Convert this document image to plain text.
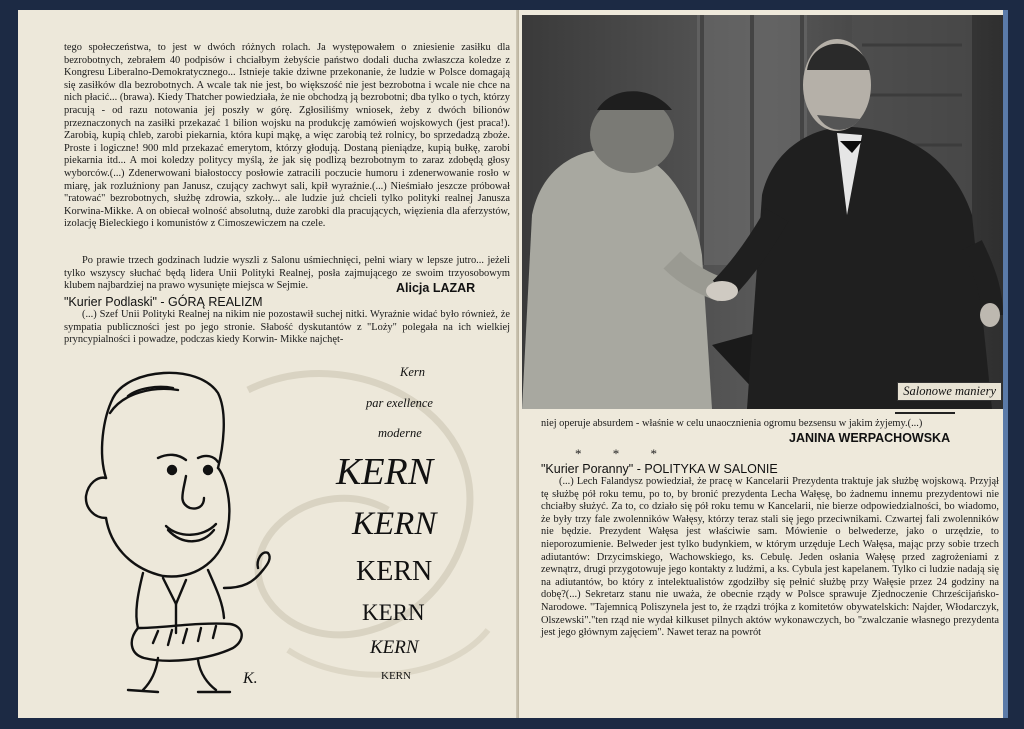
tego społeczeństwa, to jest w dwóch różnych rolach. Ja występowałem o zniesienie zasiłku dla bezrobotnych, zebrałem 40 podpisów i chciałbym żebyście państwo dodali ducha zwłaszcza koledze z Kongresu Liberalno-Demokratycznego... Istnieje takie dziwne przekonanie, że ludzie w Polsce domagają się zasiłków dla bezrobotnych. A wcale tak nie jest, bo większość nie jest bezrobotna i wcale nie chce na nich płacić... (brawa). Kiedy Thatcher powiedziała, że nie obchodzą ją bezrobotni; dba tylko o tych, którzy pracują - od razu notowania jej poszły w górę. Zgłosiliśmy wniosek, żeby z dwóch bilionów przeznaczonych na zasiłki przekazać 1 bilion wojsku na produkcję zamówień wojskowych (jest praca!). Zarobią, kupią chleb, zarobi piekarnia, która kupi mąkę, a więc zarobią też rolnicy, bo sprzedadzą zboże. Proste i logiczne! 900 mld przekazać emerytom, którzy głodują. Dostaną pieniądze, kupią bułkę, zarobi piekarnia itd... A moi koledzy politycy myślą, że jak się podlizą bezrobotnym to zaraz zdobędą głosy wyborców.(...) Zdenerwowani białostoccy posłowie zatracili poczucie humoru i zdenerwowanie rosło w miarę, jak rozluźniony pan Janusz, czujący zachwyt sali, kpił wyraźnie.(...) Nieśmiało jeszcze próbował "ratować" bezrobotnych, służbę zdrowia, szkoły... ale ludzie już chcieli tylko polityki realnej Janusza Korwina-Mikke. A on obiecał wolność absolutną, duże zarobki dla pracujących, więzienia dla aferzystów, izolację Bieleckiego i komunistów z Cimoszewiczem na czele.

Po prawie trzech godzinach ludzie wyszli z Salonu uśmiechnięci, pełni wiary w lepsze jutro... jeżeli tylko wszyscy słuchać będą lidera Unii Polityki Realnej, posła zajmującego ze swoim trzyosobowym klubem najbardziej na prawo wysunięte miejsca w Sejmie.	Alicja LAZAR
"Kurier Podlaski" - GÓRĄ REALIZM

(...) Szef Unii Polityki Realnej na nikim nie pozostawił suchej nitki. Wyraźnie widać było również, że sympatia publiczności jest po jego stronie. Słabość dyskutantów z "Loży" polegała na ich wielkiej pryncypialności i powadze, podczas kiedy Korwin- Mikke najchęt-

K.
Kern
par exellence
moderne
KERN
KERN
KERN
KERN
KERN
KERN
Salonowe maniery

niej operuje absurdem - właśnie w celu unaocznienia ogromu bezsensu w jakim żyjemy.(...)

JANINA WERPACHOWSKA
* * *
"Kurier Poranny" - POLITYKA W SALONIE

(...) Lech Falandysz powiedział, że pracę w Kancelarii Prezydenta traktuje jak służbę wojskową. Przyjął tę służbę pół roku temu, po to, by bronić prezydenta Lecha Wałęsę, bo żadnemu innemu prezydentowi nie chciałby służyć. Za to, co działo się pół roku temu w Kancelarii, nie bierze odpowiedzialności, bo wiadomo, że były trzy fale zwolenników Wałęsy, którzy teraz stali się jego przeciwnikami. Czwartej fali zwolenników nie będzie. Prezydent Wałęsa jest właściwie sam. Mówienie o belwederze, jako o urzędzie, to nieporozumienie. Belweder jest tylko budynkiem, w którym urzęduje Lech Wałęsa, mając przy sobie trzech adiutantów: Drzycimskiego, Wachowskiego, ks. Cebulę. Jeden osłania Wałęsę przed zagrożeniami z zewnątrz, drugi przygotowuje jego kontakty z ludźmi, a ks. Cybula jest kapelanem. Tylko ci ludzie nadają się na adiutantów, bo który z intelektualistów zgodziłby się pełnić służbę przy Wałęsie przez 24 godziny na dobę?(...) Sekretarz stanu nie uważa, że obecnie rządy w Polsce sprawuje Zjednoczenie Chrześcijańsko-Narodowe. "Tajemnicą Poliszynela jest to, że rządzi trójka z komitetów obywatelskich: Najder, Włodarczyk, Olszewski"."ten rząd nie wydał kilkuset pilnych aktów wykonawczych, bo "zwalczanie własnego prezydenta jest jego głównym zajęciem". Nawet teraz na powrót
